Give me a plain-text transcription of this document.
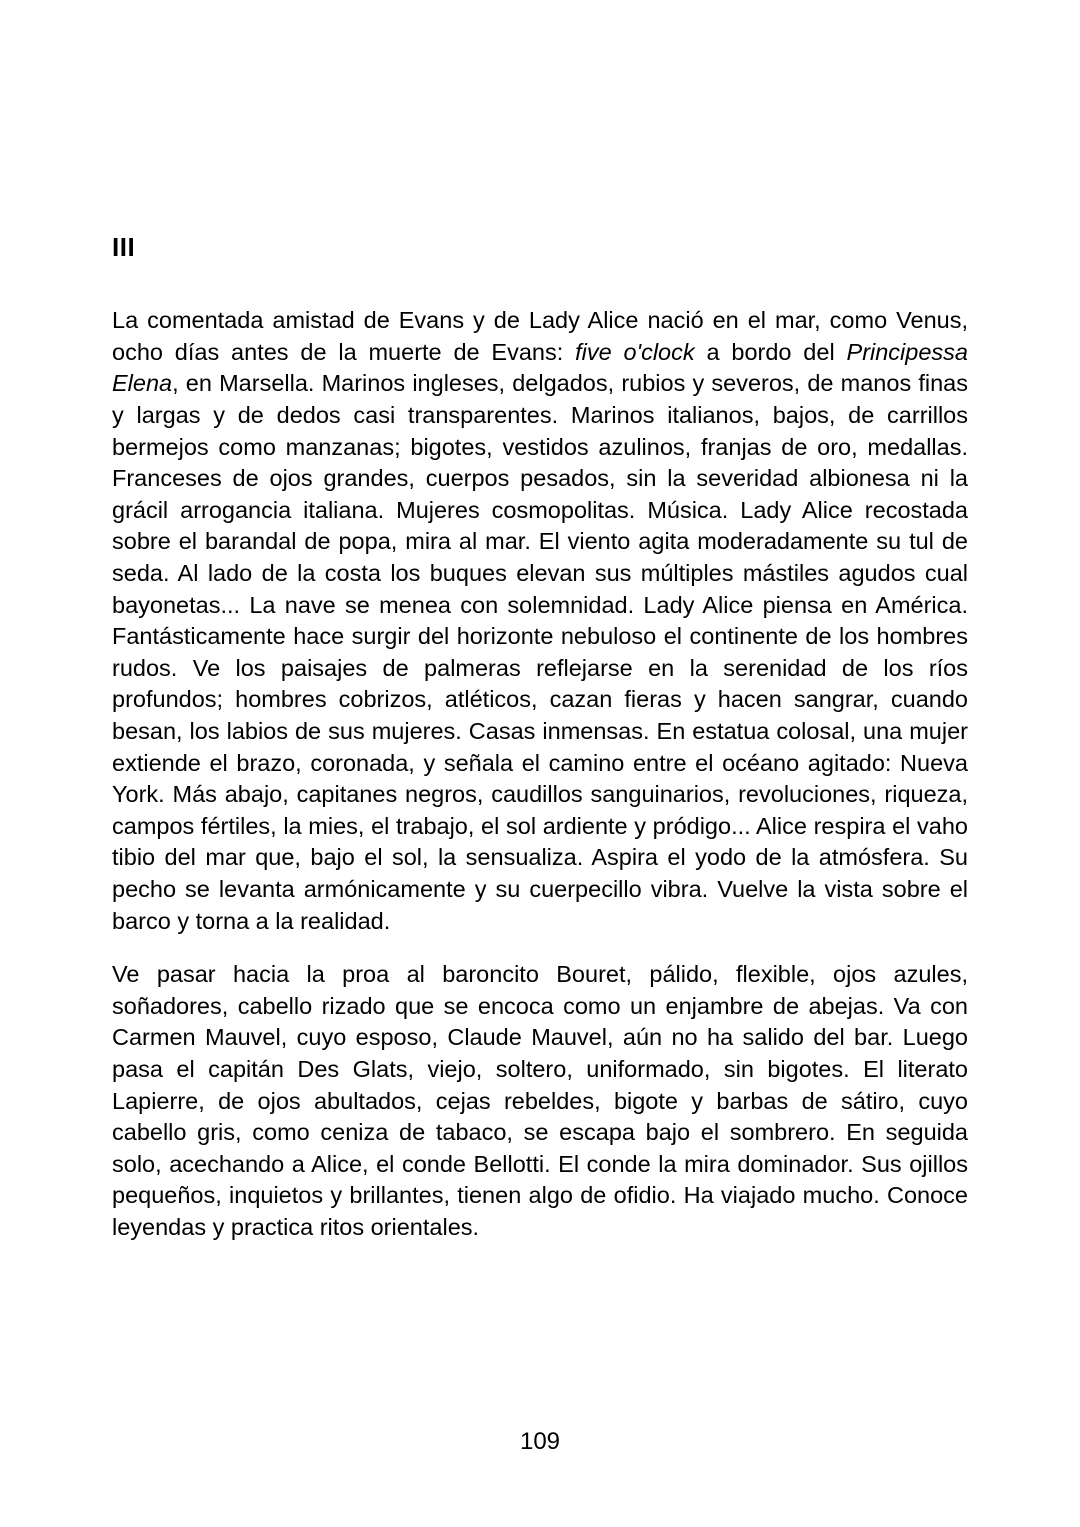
III

La comentada amistad de Evans y de Lady Alice nació en el mar, como Venus, ocho días antes de la muerte de Evans: five o'clock a bordo del Principessa Elena, en Marsella. Marinos ingleses, delgados, rubios y severos, de manos finas y largas y de dedos casi transparentes. Marinos italianos, bajos, de carrillos bermejos como manzanas; bigotes, vestidos azulinos, franjas de oro, medallas. Franceses de ojos grandes, cuerpos pesados, sin la severidad albionesa ni la grácil arrogancia italiana. Mujeres cosmopolitas. Música. Lady Alice recostada sobre el barandal de popa, mira al mar. El viento agita moderadamente su tul de seda. Al lado de la costa los buques elevan sus múltiples mástiles agudos cual bayonetas... La nave se menea con solemnidad. Lady Alice piensa en América. Fantásticamente hace surgir del horizonte nebuloso el continente de los hombres rudos. Ve los paisajes de palmeras reflejarse en la serenidad de los ríos profundos; hombres cobrizos, atléticos, cazan fieras y hacen sangrar, cuando besan, los labios de sus mujeres. Casas inmensas. En estatua colosal, una mujer extiende el brazo, coronada, y señala el camino entre el océano agitado: Nueva York. Más abajo, capitanes negros, caudillos sanguinarios, revoluciones, riqueza, campos fértiles, la mies, el trabajo, el sol ardiente y pródigo... Alice respira el vaho tibio del mar que, bajo el sol, la sensualiza. Aspira el yodo de la atmósfera. Su pecho se levanta armónicamente y su cuerpecillo vibra. Vuelve la vista sobre el barco y torna a la realidad.

Ve pasar hacia la proa al baroncito Bouret, pálido, flexible, ojos azules, soñadores, cabello rizado que se encoca como un enjambre de abejas. Va con Carmen Mauvel, cuyo esposo, Claude Mauvel, aún no ha salido del bar. Luego pasa el capitán Des Glats, viejo, soltero, uniformado, sin bigotes. El literato Lapierre, de ojos abultados, cejas rebeldes, bigote y barbas de sátiro, cuyo cabello gris, como ceniza de tabaco, se escapa bajo el sombrero. En seguida solo, acechando a Alice, el conde Bellotti. El conde la mira dominador. Sus ojillos pequeños, inquietos y brillantes, tienen algo de ofidio. Ha viajado mucho. Conoce leyendas y practica ritos orientales.

109
